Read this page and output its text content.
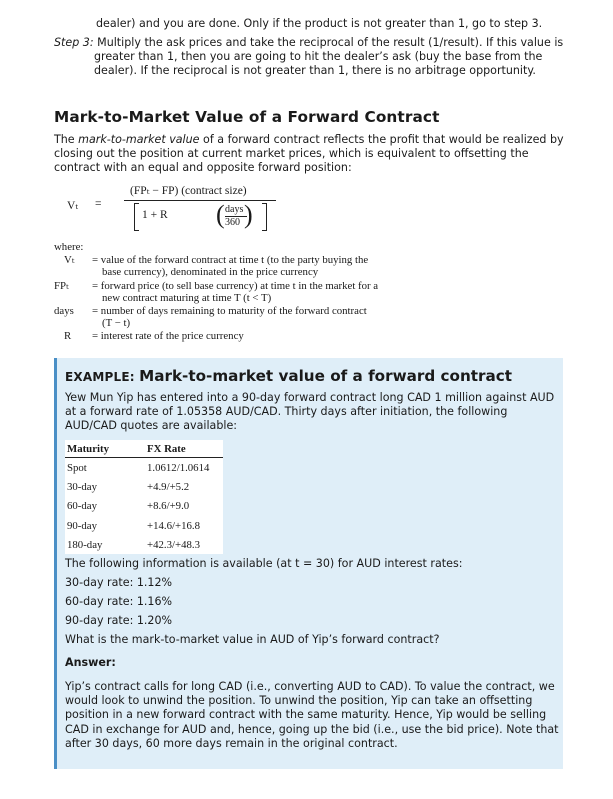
dealer) and you are done. Only if the product is not greater than 1, go to step 3.
Step 3: Multiply the ask prices and take the reciprocal of the result (1/result). If this value is greater than 1, then you are going to hit the dealer’s ask (buy the base from the dealer). If the reciprocal is not greater than 1, there is no arbitrage opportunity.
Mark-to-Market Value of a Forward Contract
The mark-to-market value of a forward contract reflects the profit that would be realized by closing out the position at current market prices, which is equivalent to offsetting the contract with an equal and opposite forward position:
Vₜ =
(FPₜ − FP) (contract size)
1 + R ( days
360 )
where:
Vₜ	= value of the forward contract at time t (to the party buying the
base currency), denominated in the price currency
FPₜ	= forward price (to sell base currency) at time t in the market for a
new contract maturing at time T (t < T)
days	= number of days remaining to maturity of the forward contract
(T − t)
R	= interest rate of the price currency
EXAMPLE: Mark-to-market value of a forward contract
Yew Mun Yip has entered into a 90-day forward contract long CAD 1 million against AUD at a forward rate of 1.05358 AUD/CAD. Thirty days after initiation, the following AUD/CAD quotes are available:
Maturity	FX Rate
Spot	1.0612/1.0614
30-day	+4.9/+5.2
60-day	+8.6/+9.0
90-day	+14.6/+16.8
180-day	+42.3/+48.3
The following information is available (at t = 30) for AUD interest rates:
30-day rate: 1.12%
60-day rate: 1.16%
90-day rate: 1.20%
What is the mark-to-market value in AUD of Yip’s forward contract?
Answer:
Yip’s contract calls for long CAD (i.e., converting AUD to CAD). To value the contract, we would look to unwind the position. To unwind the position, Yip can take an offsetting position in a new forward contract with the same maturity. Hence, Yip would be selling CAD in exchange for AUD and, hence, going up the bid (i.e., use the bid price). Note that after 30 days, 60 more days remain in the original contract.
